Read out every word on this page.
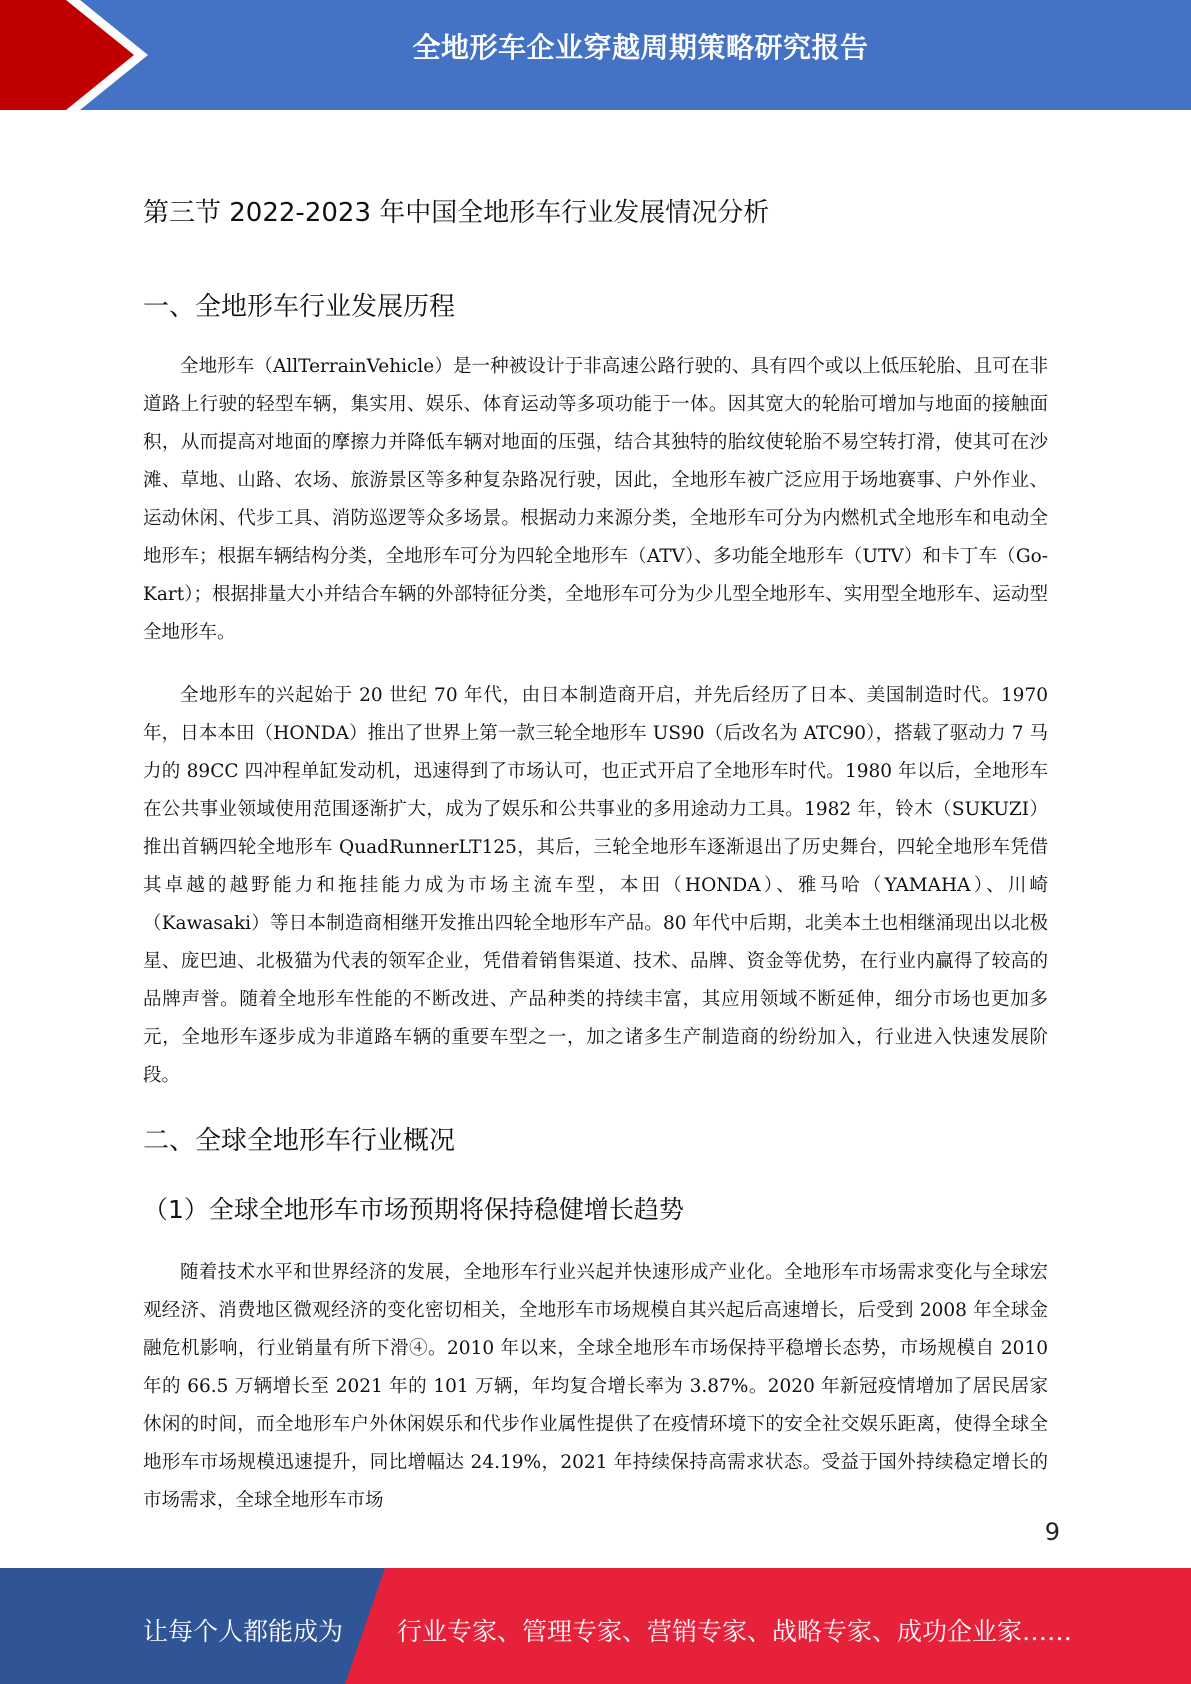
全地形车企业穿越周期策略研究报告
第三节 2022-2023 年中国全地形车行业发展情况分析
一、全地形车行业发展历程

全地形车（AllTerrainVehicle）是一种被设计于非高速公路行驶的、具有四个或以上低压轮胎、且可在非道路上行驶的轻型车辆，集实用、娱乐、体育运动等多项功能于一体。因其宽大的轮胎可增加与地面的接触面积，从而提高对地面的摩擦力并降低车辆对地面的压强，结合其独特的胎纹使轮胎不易空转打滑，使其可在沙滩、草地、山路、农场、旅游景区等多种复杂路况行驶，因此，全地形车被广泛应用于场地赛事、户外作业、运动休闲、代步工具、消防巡逻等众多场景。根据动力来源分类，全地形车可分为内燃机式全地形车和电动全地形车；根据车辆结构分类，全地形车可分为四轮全地形车（ATV）、多功能全地形车（UTV）和卡丁车（Go-Kart）；根据排量大小并结合车辆的外部特征分类，全地形车可分为少儿型全地形车、实用型全地形车、运动型全地形车。

全地形车的兴起始于 20 世纪 70 年代，由日本制造商开启，并先后经历了日本、美国制造时代。1970 年，日本本田（HONDA）推出了世界上第一款三轮全地形车 US90（后改名为 ATC90），搭载了驱动力 7 马力的 89CC 四冲程单缸发动机，迅速得到了市场认可，也正式开启了全地形车时代。1980 年以后，全地形车在公共事业领域使用范围逐渐扩大，成为了娱乐和公共事业的多用途动力工具。1982 年，铃木（SUKUZI）推出首辆四轮全地形车 QuadRunnerLT125，其后，三轮全地形车逐渐退出了历史舞台，四轮全地形车凭借其卓越的越野能力和拖挂能力成为市场主流车型，本田（HONDA）、雅马哈（YAMAHA）、川崎（Kawasaki）等日本制造商相继开发推出四轮全地形车产品。80 年代中后期，北美本土也相继涌现出以北极星、庞巴迪、北极猫为代表的领军企业，凭借着销售渠道、技术、品牌、资金等优势，在行业内赢得了较高的品牌声誉。随着全地形车性能的不断改进、产品种类的持续丰富，其应用领域不断延伸，细分市场也更加多元，全地形车逐步成为非道路车辆的重要车型之一，加之诸多生产制造商的纷纷加入，行业进入快速发展阶段。

二、全球全地形车行业概况
（1）全球全地形车市场预期将保持稳健增长趋势

随着技术水平和世界经济的发展，全地形车行业兴起并快速形成产业化。全地形车市场需求变化与全球宏观经济、消费地区微观经济的变化密切相关，全地形车市场规模自其兴起后高速增长，后受到 2008 年全球金融危机影响，行业销量有所下滑④。2010 年以来，全球全地形车市场保持平稳增长态势，市场规模自 2010 年的 66.5 万辆增长至 2021 年的 101 万辆，年均复合增长率为 3.87%。2020 年新冠疫情增加了居民居家休闲的时间，而全地形车户外休闲娱乐和代步作业属性提供了在疫情环境下的安全社交娱乐距离，使得全球全地形车市场规模迅速提升，同比增幅达 24.19%，2021 年持续保持高需求状态。受益于国外持续稳定增长的市场需求，全球全地形车市场

9
让每个人都能成为 行业专家、管理专家、营销专家、战略专家、成功企业家……
